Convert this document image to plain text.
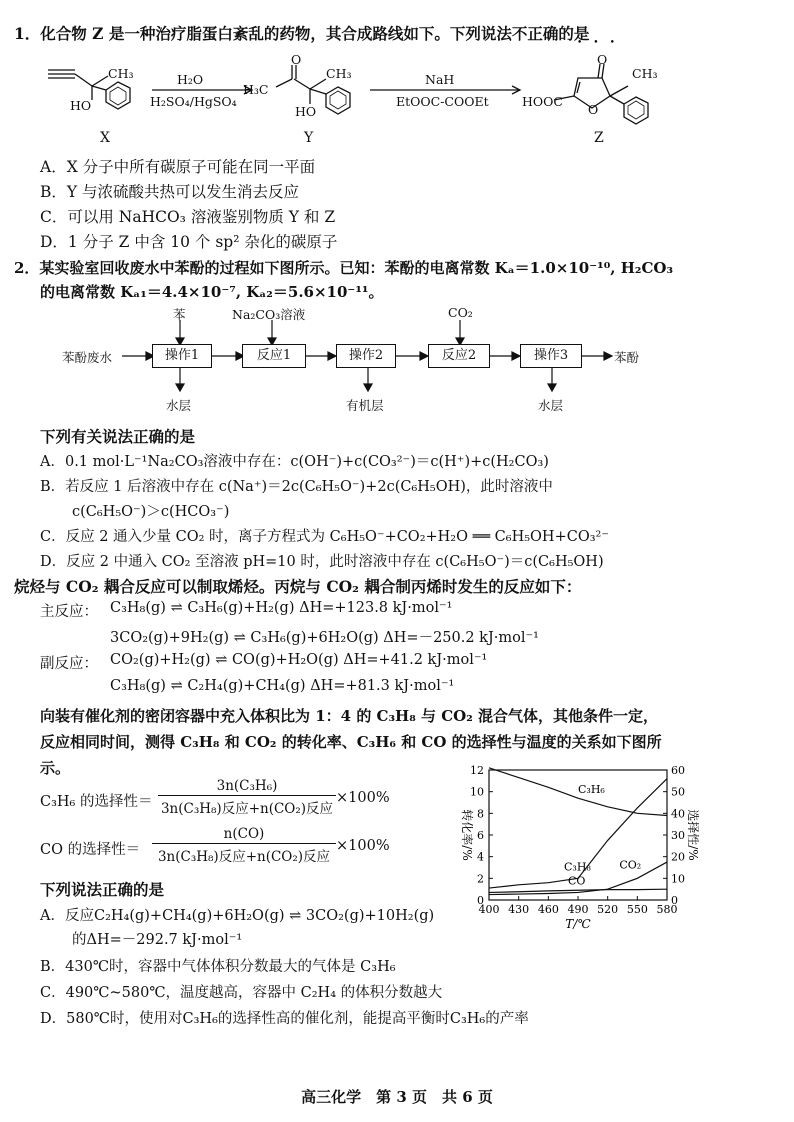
1．化合物 Z 是一种治疗脂蛋白紊乱的药物，其合成路线如下。下列说法不正确的是
•••
CH₃
HO
H₂O
H₂SO₄/HgSO₄
O
H₃C
CH₃
HO
NaH
EtOOC-COOEt
O
CH₃
HOOC
O
X	Y	Z
A．X 分子中所有碳原子可能在同一平面
B．Y 与浓硫酸共热可以发生消去反应
C．可以用 NaHCO₃ 溶液鉴别物质 Y 和 Z
D．1 分子 Z 中含 10 个 sp² 杂化的碳原子
2．某实验室回收废水中苯酚的过程如下图所示。已知：苯酚的电离常数 Kₐ＝1.0×10⁻¹⁰, H₂CO₃
的电离常数 Kₐ₁＝4.4×10⁻⁷, Kₐ₂＝5.6×10⁻¹¹。
苯酚废水	操作1	反应1	操作2	反应2	操作3	苯酚
苯	Na₂CO₃溶液	CO₂
水层	有机层	水层
下列有关说法正确的是
A．0.1 mol·L⁻¹Na₂CO₃溶液中存在：c(OH⁻)+c(CO₃²⁻)＝c(H⁺)+c(H₂CO₃)
B．若反应 1 后溶液中存在 c(Na⁺)＝2c(C₆H₅O⁻)+2c(C₆H₅OH)，此时溶液中
c(C₆H₅O⁻)＞c(HCO₃⁻)
C．反应 2 通入少量 CO₂ 时，离子方程式为 C₆H₅O⁻+CO₂+H₂O ══ C₆H₅OH+CO₃²⁻
D．反应 2 中通入 CO₂ 至溶液 pH=10 时，此时溶液中存在 c(C₆H₅O⁻)＝c(C₆H₅OH)
烷烃与 CO₂ 耦合反应可以制取烯烃。丙烷与 CO₂ 耦合制丙烯时发生的反应如下：
主反应： C₃H₈(g) ⇌ C₃H₆(g)+H₂(g) ΔH=+123.8 kJ·mol⁻¹
3CO₂(g)+9H₂(g) ⇌ C₃H₆(g)+6H₂O(g) ΔH=－250.2 kJ·mol⁻¹
副反应： CO₂(g)+H₂(g) ⇌ CO(g)+H₂O(g) ΔH=+41.2 kJ·mol⁻¹
C₃H₈(g) ⇌ C₂H₄(g)+CH₄(g) ΔH=+81.3 kJ·mol⁻¹
向装有催化剂的密闭容器中充入体积比为 1：4 的 C₃H₈ 与 CO₂ 混合气体，其他条件一定，
反应相同时间，测得 C₃H₈ 和 CO₂ 的转化率、C₃H₆ 和 CO 的选择性与温度的关系如下图所
示。
C₃H₆ 的选择性＝
3n(C₃H₆)
3n(C₃H₈)反应+n(CO₂)反应
×100%
CO 的选择性＝
n(CO)
3n(C₃H₈)反应+n(CO₂)反应
×100%
0
2
4
6
8
10
12
0
10
20
30
40
50
60
400 430 460 490 520 550 580
T/℃
转化率/%	选择性/%
C₃H₆
C₃H₈	CO₂
CO
下列说法正确的是
A．反应C₂H₄(g)+CH₄(g)+6H₂O(g) ⇌ 3CO₂(g)+10H₂(g)
的ΔH=－292.7 kJ·mol⁻¹
B．430℃时，容器中气体体积分数最大的气体是 C₃H₆
C．490℃~580℃，温度越高，容器中 C₂H₄ 的体积分数越大
D．580℃时，使用对C₃H₆的选择性高的催化剂，能提高平衡时C₃H₆的产率
高三化学　第 3 页　共 6 页
